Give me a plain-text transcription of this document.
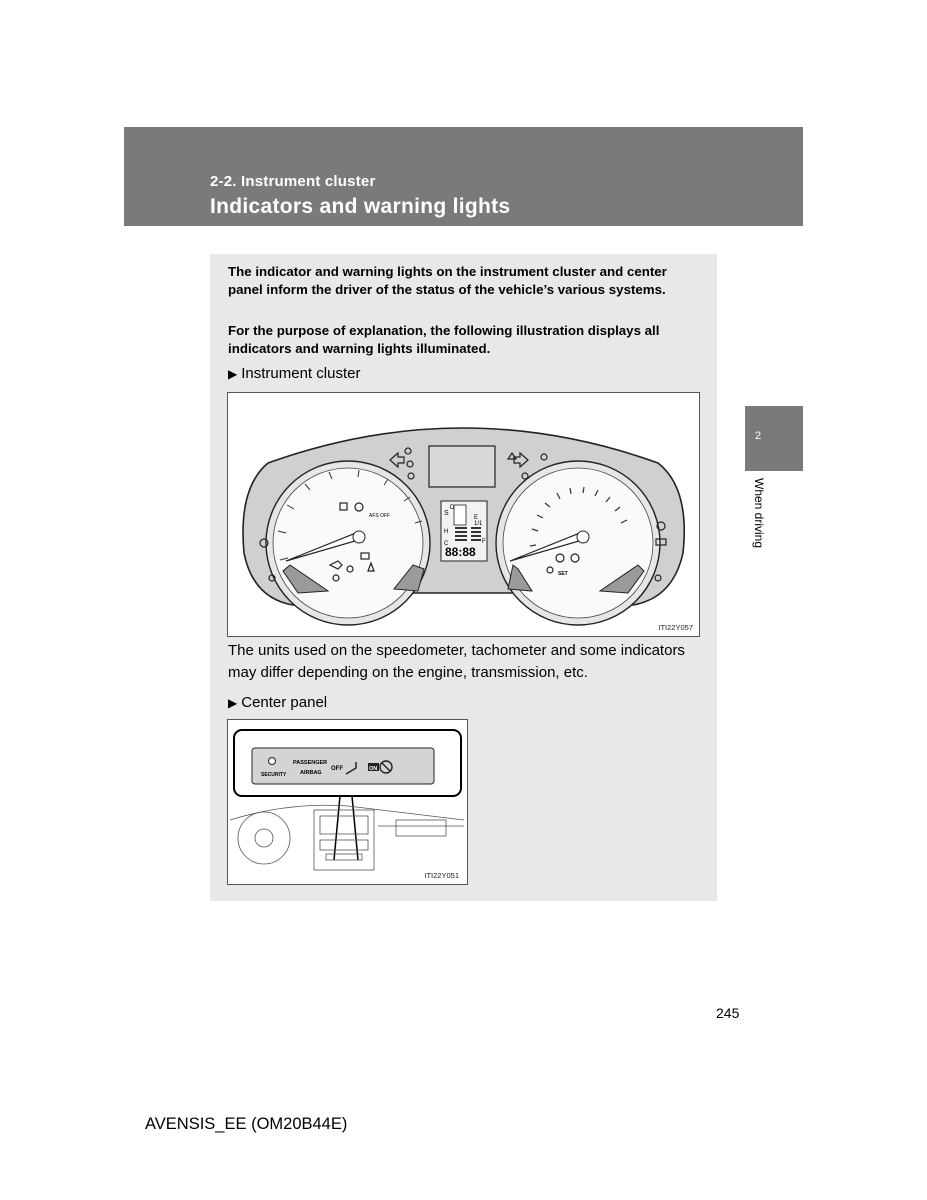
2-2. Instrument cluster
Indicators and warning lights

The indicator and warning lights on the instrument cluster and center panel inform the driver of the status of the vehicle’s various systems.

For the purpose of explanation, the following illustration displays all indicators and warning lights illuminated.

▶ Instrument cluster
S
D
H
C
1/1
E
F
88:88
AFS OFF
SET
ITI22Y057

The units used on the speedometer, tachometer and some indicators may differ depending on the engine, transmission, etc.

▶ Center panel
SECURITY
PASSENGER
AIRBAG
OFF	ON
ITI22Y051
2
When driving
245
AVENSIS_EE (OM20B44E)
